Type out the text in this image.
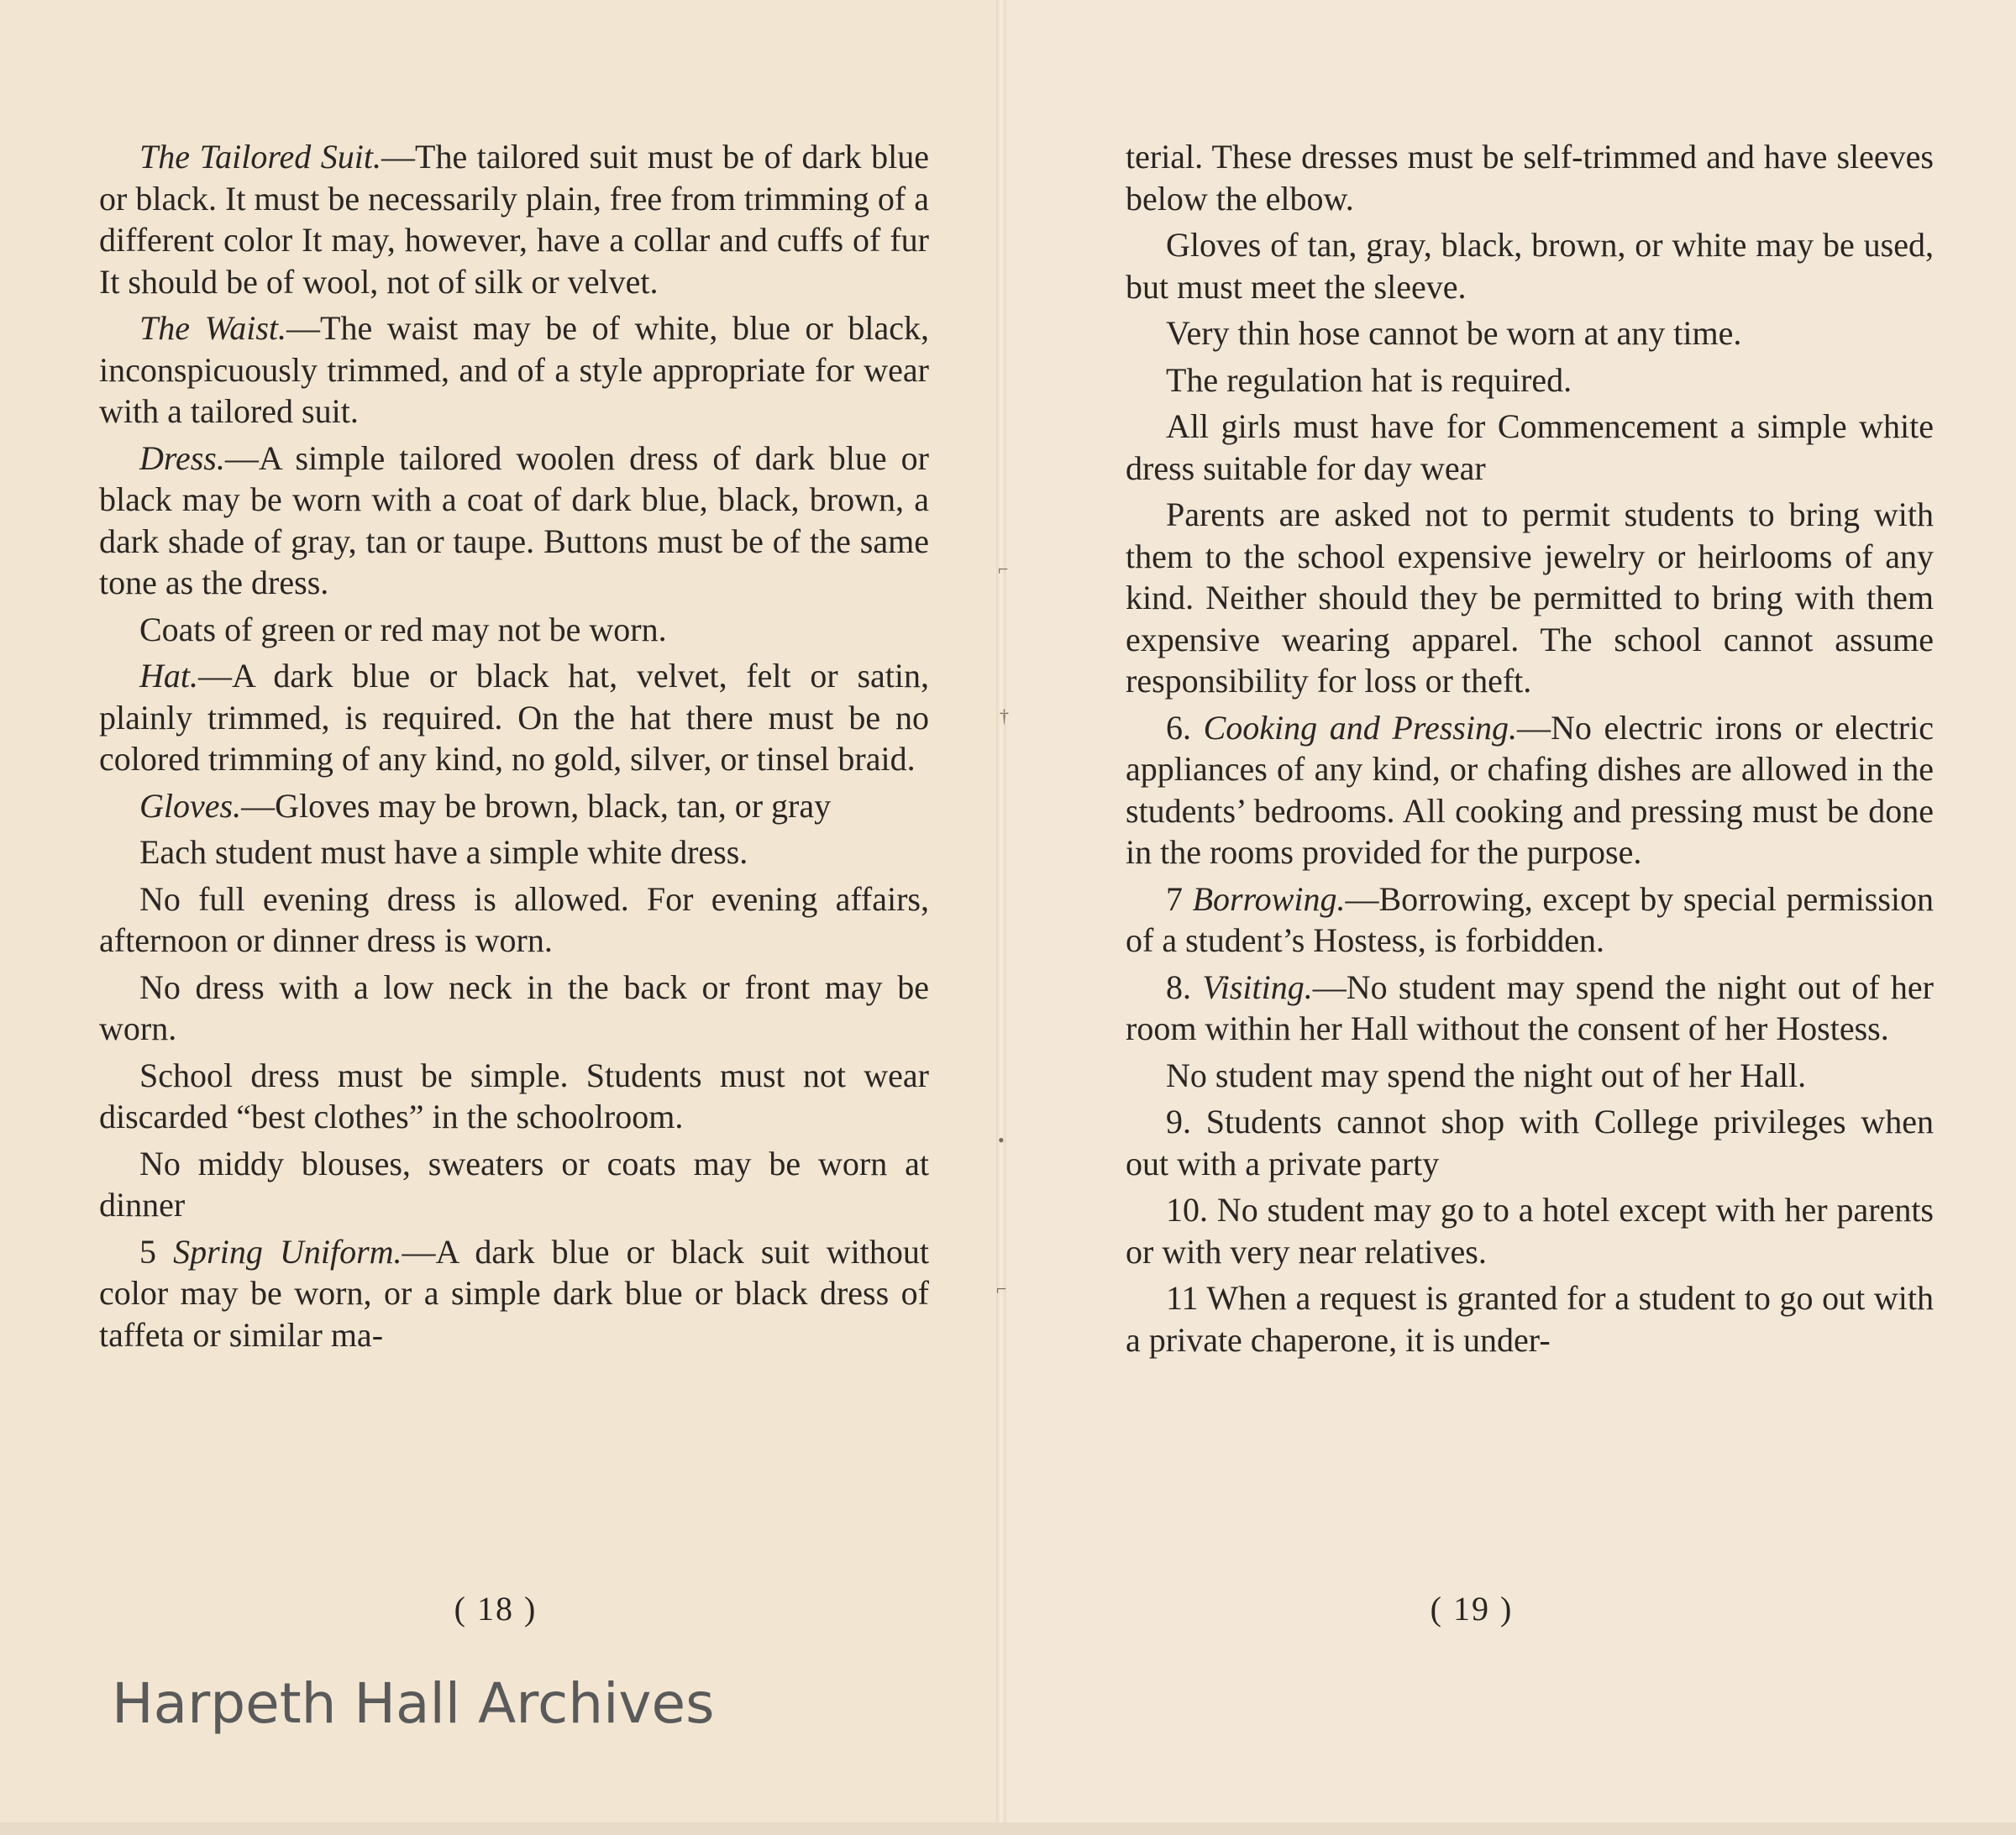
The Tailored Suit.—The tailored suit must be of dark blue or black. It must be necessarily plain, free from trimming of a different color It may, however, have a collar and cuffs of fur It should be of wool, not of silk or velvet.

The Waist.—The waist may be of white, blue or black, inconspicuously trimmed, and of a style appropriate for wear with a tailored suit.

Dress.—A simple tailored woolen dress of dark blue or black may be worn with a coat of dark blue, black, brown, a dark shade of gray, tan or taupe. Buttons must be of the same tone as the dress.

Coats of green or red may not be worn.

Hat.—A dark blue or black hat, velvet, felt or satin, plainly trimmed, is required. On the hat there must be no colored trimming of any kind, no gold, silver, or tinsel braid.

Gloves.—Gloves may be brown, black, tan, or gray

Each student must have a simple white dress.

No full evening dress is allowed. For evening affairs, afternoon or dinner dress is worn.

No dress with a low neck in the back or front may be worn.

School dress must be simple. Students must not wear discarded “best clothes” in the schoolroom.

No middy blouses, sweaters or coats may be worn at dinner

5 Spring Uniform.—A dark blue or black suit without color may be worn, or a simple dark blue or black dress of taffeta or similar ma-

( 18 )

terial. These dresses must be self-trimmed and have sleeves below the elbow.

Gloves of tan, gray, black, brown, or white may be used, but must meet the sleeve.

Very thin hose cannot be worn at any time.

The regulation hat is required.

All girls must have for Commencement a simple white dress suitable for day wear

Parents are asked not to permit students to bring with them to the school expensive jewelry or heirlooms of any kind. Neither should they be permitted to bring with them expensive wearing apparel. The school cannot assume responsibility for loss or theft.

6. Cooking and Pressing.—No electric irons or electric appliances of any kind, or chafing dishes are allowed in the students’ bedrooms. All cooking and pressing must be done in the rooms provided for the purpose.

7 Borrowing.—Borrowing, except by special permission of a student’s Hostess, is forbidden.

8. Visiting.—No student may spend the night out of her room within her Hall without the consent of her Hostess.

No student may spend the night out of her Hall.

9. Students cannot shop with College privileges when out with a private party

10. No student may go to a hotel except with her parents or with very near relatives.

11 When a request is granted for a student to go out with a private chaperone, it is under-

( 19 )
⌐
†
•
⌐
Harpeth Hall Archives
